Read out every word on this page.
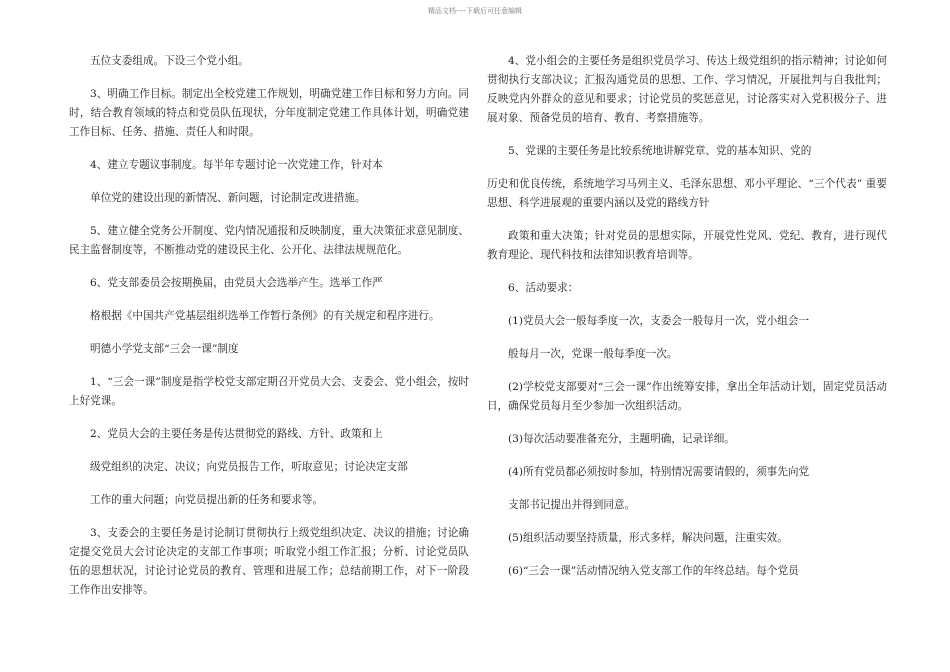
精品文档----下载后可任意编辑

五位支委组成。下设三个党小组。

3、明确工作目标。制定出全校党建工作规划，明确党建工作目标和努力方向。同时，结合教育领域的特点和党员队伍现状，分年度制定党建工作具体计划，明确党建工作目标、任务、措施、责任人和时限。

4、建立专题议事制度。每半年专题讨论一次党建工作，针对本

单位党的建设出现的新情况、新问题，讨论制定改进措施。

5、建立健全党务公开制度、党内情况通报和反映制度，重大决策征求意见制度、民主监督制度等，不断推动党的建设民主化、公开化、法律法规规范化。

6、党支部委员会按期换届，由党员大会选举产生。选举工作严

格根据《中国共产党基层组织选举工作暂行条例》的有关规定和程序进行。

明德小学党支部“三会一课”制度

1、“三会一课”制度是指学校党支部定期召开党员大会、支委会、党小组会，按时上好党课。

2、党员大会的主要任务是传达贯彻党的路线、方针、政策和上

级党组织的决定、决议；向党员报告工作，听取意见；讨论决定支部

工作的重大问题；向党员提出新的任务和要求等。

3、支委会的主要任务是讨论制订贯彻执行上级党组织决定、决议的措施；讨论确定提交党员大会讨论决定的支部工作事项；听取党小组工作汇报；分析、讨论党员队伍的思想状况，讨论讨论党员的教育、管理和进展工作；总结前期工作，对下一阶段工作作出安排等。

4、党小组会的主要任务是组织党员学习、传达上级党组织的指示精神；讨论如何贯彻执行支部决议；汇报沟通党员的思想、工作、学习情况，开展批判与自我批判；反映党内外群众的意见和要求；讨论党员的奖惩意见，讨论落实对入党积极分子、进展对象、预备党员的培育、教育、考察措施等。

5、党课的主要任务是比较系统地讲解党章、党的基本知识、党的

历史和优良传统，系统地学习马列主义、毛泽东思想、邓小平理论、“三个代表” 重要思想、科学进展观的重要内涵以及党的路线方针

政策和重大决策；针对党员的思想实际，开展党性党风、党纪、教育，进行现代教育理论、现代科技和法律知识教育培训等。

6、活动要求：

(1)党员大会一般每季度一次，支委会一般每月一次，党小组会一

般每月一次，党课一般每季度一次。

(2)学校党支部要对“三会一课”作出统筹安排，拿出全年活动计划，固定党员活动日，确保党员每月至少参加一次组织活动。

(3)每次活动要准备充分，主题明确，记录详细。

(4)所有党员都必须按时参加，特别情况需要请假的，须事先向党

支部书记提出并得到同意。

(5)组织活动要坚持质量，形式多样，解决问题，注重实效。

(6)“三会一课”活动情况纳入党支部工作的年终总结。每个党员
